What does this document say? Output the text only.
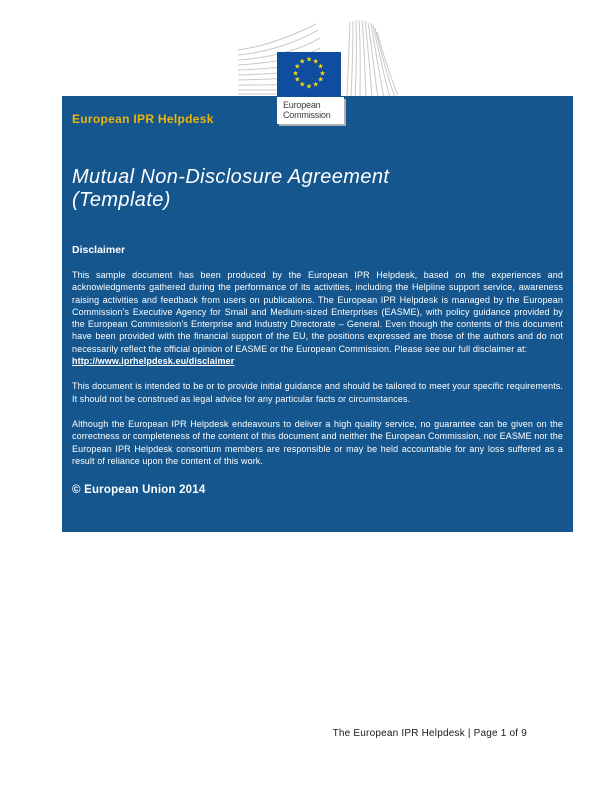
★ ★
★
★
★
★
★
★
★
★
★
★
European
Commission
European IPR Helpdesk
Mutual Non-Disclosure Agreement
(Template)
Disclaimer
This sample document has been produced by the European IPR Helpdesk, based on the experiences and acknowledgments gathered during the performance of its activities, including the Helpline support service, awareness raising activities and feedback from users on publications. The European IPR Helpdesk is managed by the European Commission’s Executive Agency for Small and Medium-sized Enterprises (EASME), with policy guidance provided by the European Commission’s Enterprise and Industry Directorate – General. Even though the contents of this document have been provided with the financial support of the EU, the positions expressed are those of the authors and do not necessarily reflect the official opinion of EASME or the European Commission. Please see our full disclaimer at:
http://www.iprhelpdesk.eu/disclaimer
This document is intended to be or to provide initial guidance and should be tailored to meet your specific requirements. It should not be construed as legal advice for any particular facts or circumstances.
Although the European IPR Helpdesk endeavours to deliver a high quality service, no guarantee can be given on the correctness or completeness of the content of this document and neither the European Commission, nor EASME nor the European IPR Helpdesk consortium members are responsible or may be held accountable for any loss suffered as a result of reliance upon the content of this work.
© European Union 2014
The European IPR Helpdesk | Page 1 of 9
